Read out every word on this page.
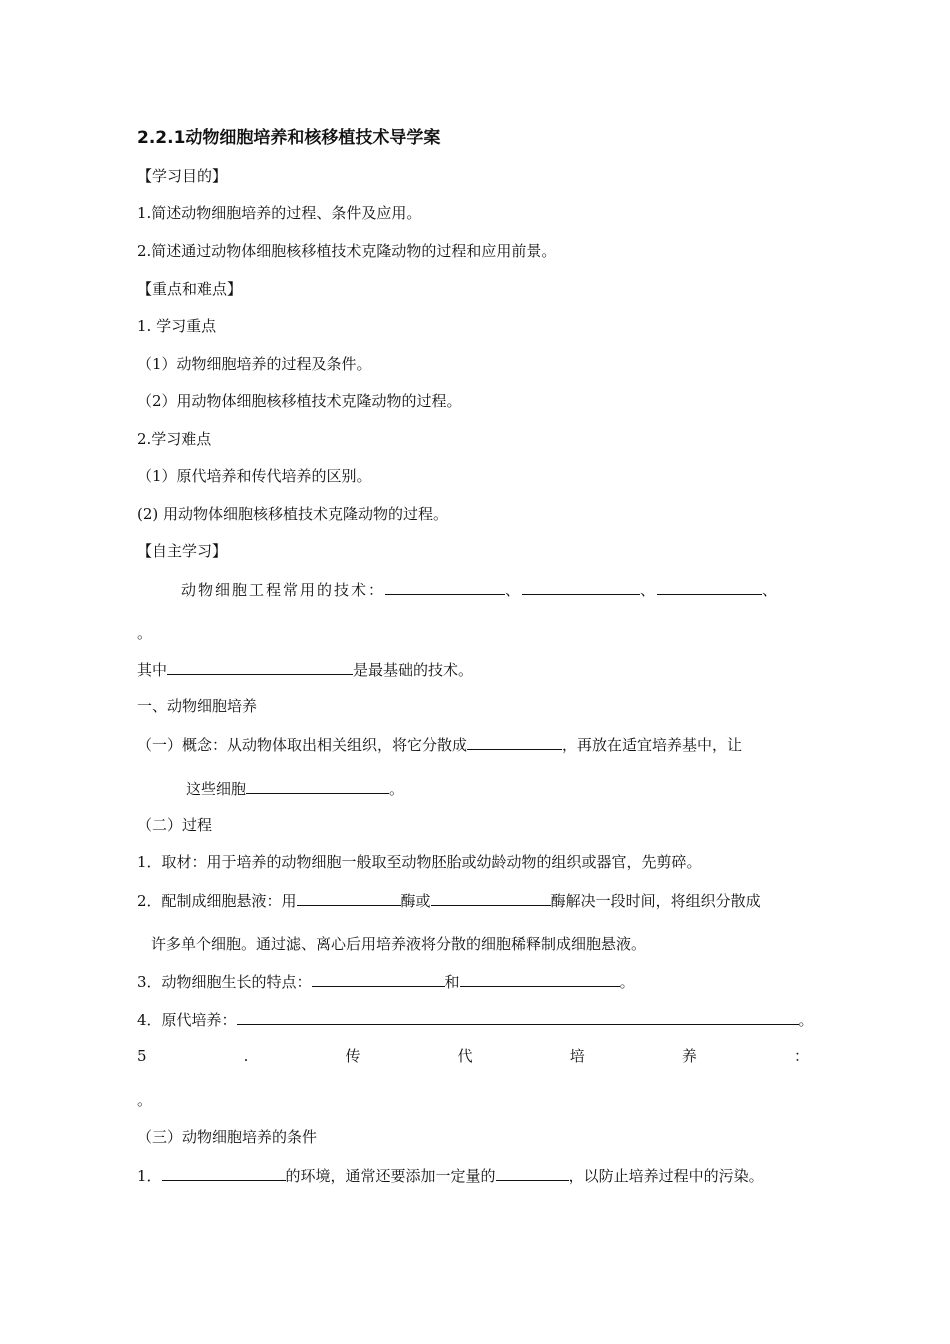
2.2.1动物细胞培养和核移植技术导学案
【学习目的】
1.简述动物细胞培养的过程、条件及应用。
2.简述通过动物体细胞核移植技术克隆动物的过程和应用前景。
【重点和难点】
1. 学习重点
（1）动物细胞培养的过程及条件。
（2）用动物体细胞核移植技术克隆动物的过程。
2.学习难点
（1）原代培养和传代培养的区别。
(2) 用动物体细胞核移植技术克隆动物的过程。
【自主学习】
动物细胞工程常用的技术：	、	、	、
。
其中	是最基础的技术。
一、动物细胞培养
（一）概念：从动物体取出相关组织，将它分散成	，再放在适宜培养基中，让
这些细胞	。
（二）过程
1．取材：用于培养的动物细胞一般取至动物胚胎或幼龄动物的组织或器官，先剪碎。
2．配制成细胞悬液：用	酶或	酶解决一段时间，将组织分散成
许多单个细胞。通过滤、离心后用培养液将分散的细胞稀释制成细胞悬液。
3．动物细胞生长的特点：	和	。
4．原代培养：	。
5	.	传	代	培	养	：
。
（三）动物细胞培养的条件
1．	的环境，通常还要添加一定量的	，以防止培养过程中的污染。
